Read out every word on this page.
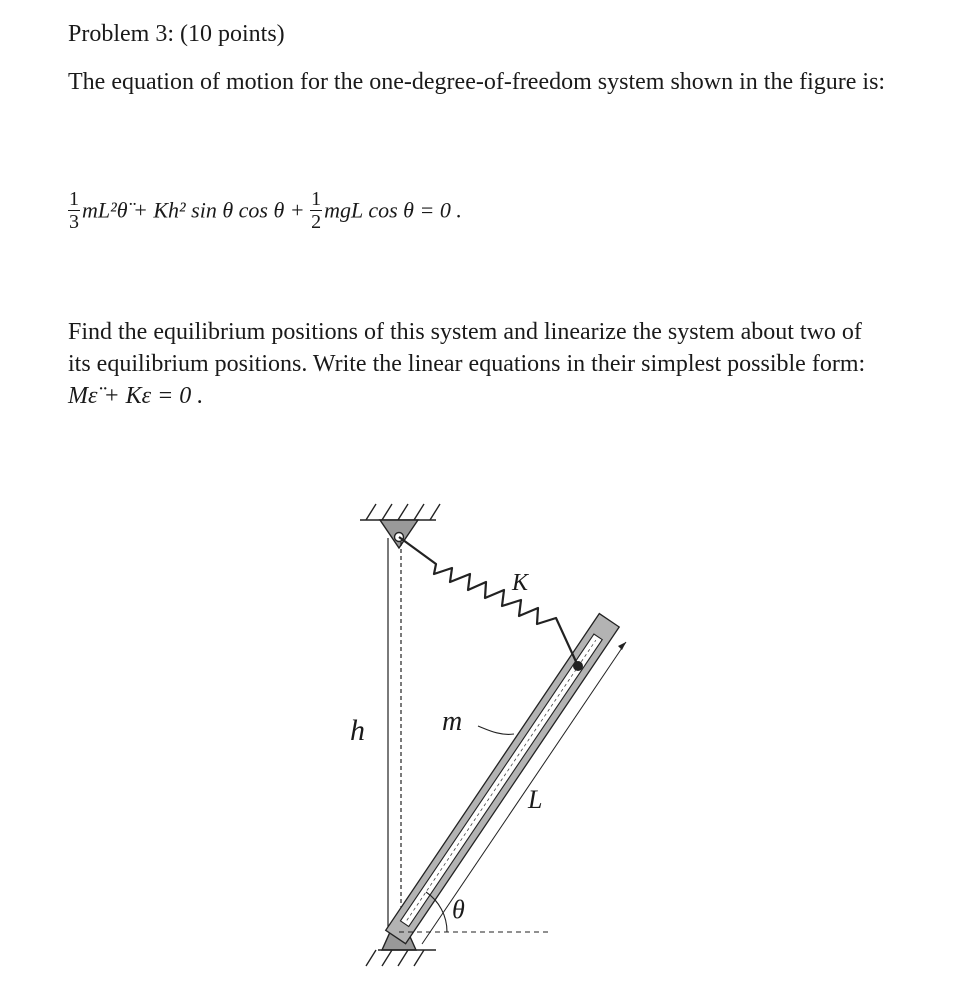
Problem 3: (10 points)
The equation of motion for the one-degree-of-freedom system shown in the figure is:
$\frac{1}{3}$ mL²θ̈ + Kh² sin θ $\cos \theta + \frac{1}{2}$ mgL cos θ = 0 .
Find the equilibrium positions of this system and linearize the system about two of
its equilibrium positions. Write the linear equations in their simplest possible form:
Mε̈ + Kε = 0 .
K
h	m
L
θ
